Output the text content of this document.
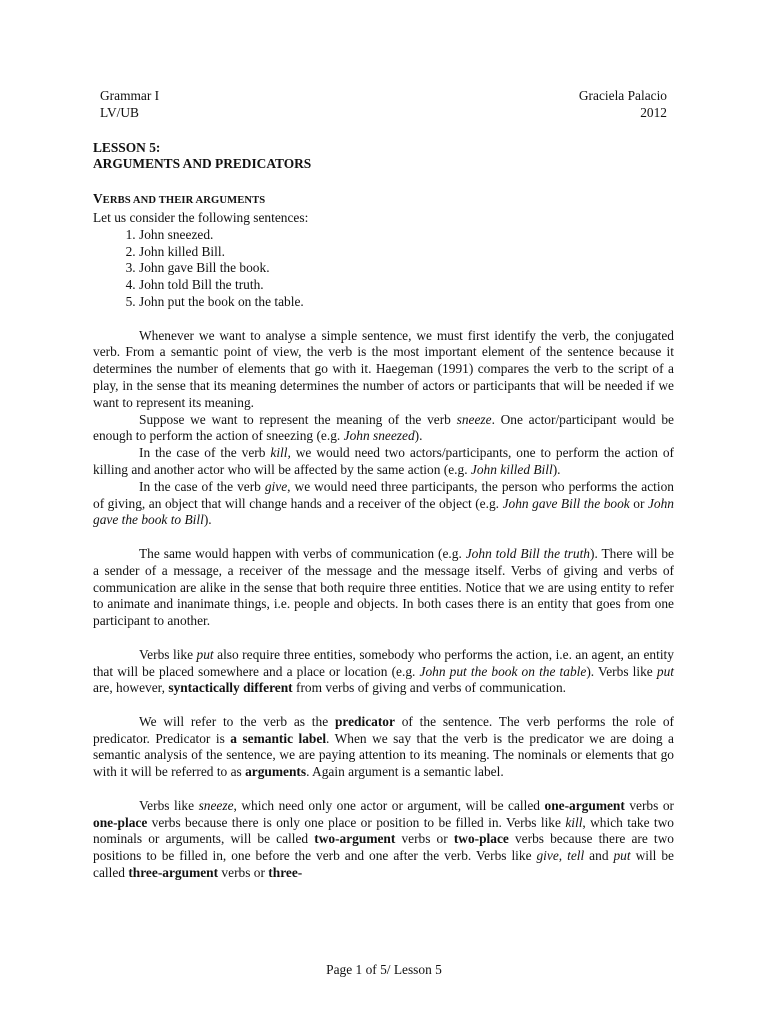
Grammar I
LV/UB
Graciela Palacio
2012
LESSON 5:
ARGUMENTS AND PREDICATORS
VERBS AND THEIR ARGUMENTS
Let us consider the following sentences:
1. John sneezed.
2. John killed Bill.
3. John gave Bill the book.
4. John told Bill the truth.
5. John put the book on the table.

Whenever we want to analyse a simple sentence, we must first identify the verb, the conjugated verb. From a semantic point of view, the verb is the most important element of the sentence because it determines the number of elements that go with it. Haegeman (1991) compares the verb to the script of a play, in the sense that its meaning determines the number of actors or participants that will be needed if we want to represent its meaning.

Suppose we want to represent the meaning of the verb sneeze. One actor/participant would be enough to perform the action of sneezing (e.g. John sneezed).

In the case of the verb kill, we would need two actors/participants, one to perform the action of killing and another actor who will be affected by the same action (e.g. John killed Bill).

In the case of the verb give, we would need three participants, the person who performs the action of giving, an object that will change hands and a receiver of the object (e.g. John gave Bill the book or John gave the book to Bill).

The same would happen with verbs of communication (e.g. John told Bill the truth). There will be a sender of a message, a receiver of the message and the message itself. Verbs of giving and verbs of communication are alike in the sense that both require three entities. Notice that we are using entity to refer to animate and inanimate things, i.e. people and objects. In both cases there is an entity that goes from one participant to another.

Verbs like put also require three entities, somebody who performs the action, i.e. an agent, an entity that will be placed somewhere and a place or location (e.g. John put the book on the table). Verbs like put are, however, syntactically different from verbs of giving and verbs of communication.

We will refer to the verb as the predicator of the sentence. The verb performs the role of predicator. Predicator is a semantic label. When we say that the verb is the predicator we are doing a semantic analysis of the sentence, we are paying attention to its meaning. The nominals or elements that go with it will be referred to as arguments. Again argument is a semantic label.

Verbs like sneeze, which need only one actor or argument, will be called one-argument verbs or one-place verbs because there is only one place or position to be filled in. Verbs like kill, which take two nominals or arguments, will be called two-argument verbs or two-place verbs because there are two positions to be filled in, one before the verb and one after the verb. Verbs like give, tell and put will be called three-argument verbs or three-

Page 1 of 5/ Lesson 5
